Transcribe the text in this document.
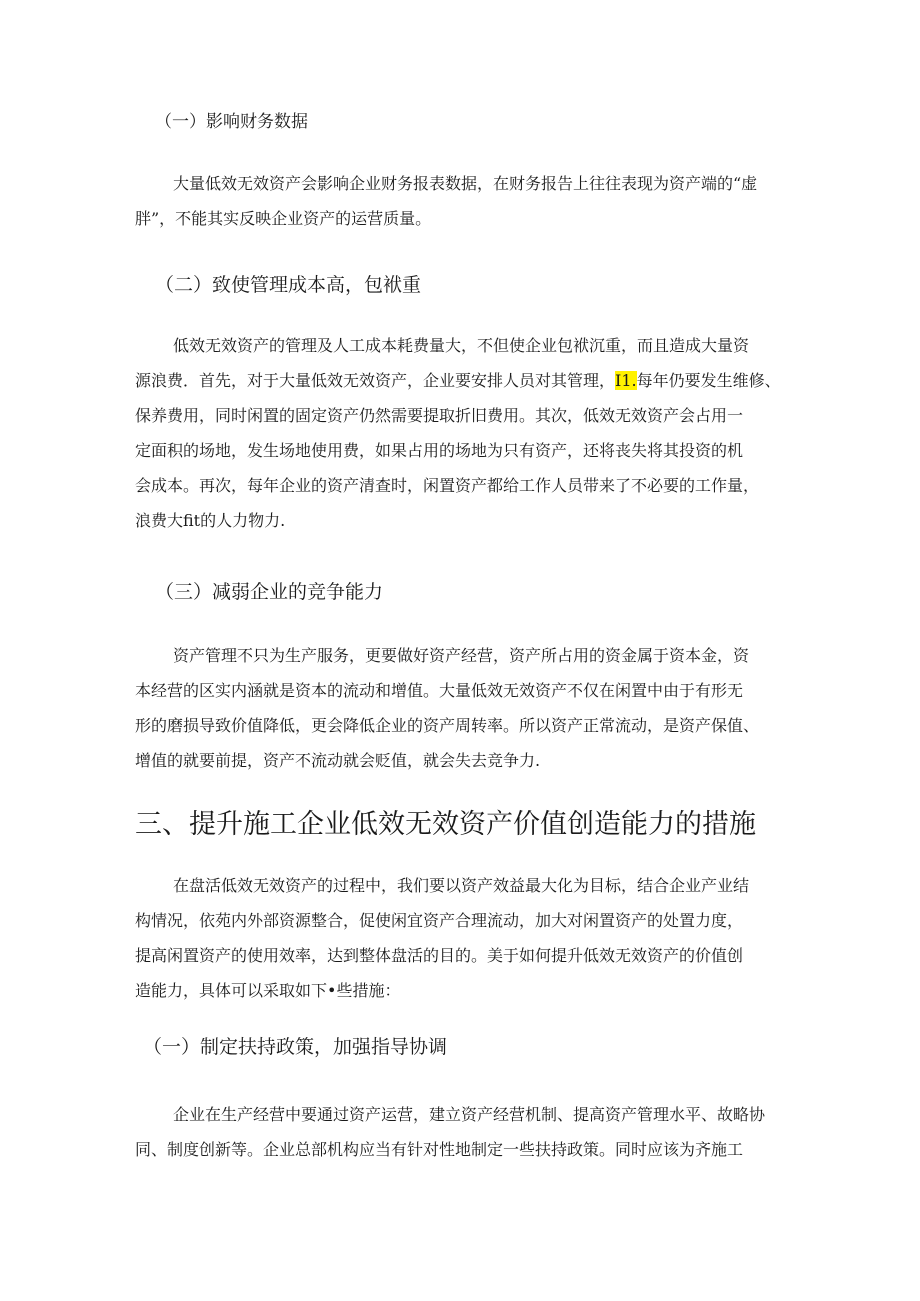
（一）影响财务数据
大量低效无效资产会影响企业财务报表数据，在财务报告上往往表现为资产端的“虚
胖”，不能其实反映企业资产的运营质量。
（二）致使管理成本高，包袱重
低效无效资产的管理及人工成本耗费量大，不但使企业包袱沉重，而且造成大量资
源浪费．首先，对于大量低效无效资产，企业要安排人员对其管理，I1.每年仍要发生维修、
保养费用，同时闲置的固定资产仍然需要提取折旧费用。其次，低效无效资产会占用一
定面积的场地，发生场地使用费，如果占用的场地为只有资产，还将丧失将其投资的机
会成本。再次，每年企业的资产清查时，闲置资产都给工作人员带来了不必要的工作量，
浪费大fit的人力物力.
（三）减弱企业的竞争能力
资产管理不只为生产服务，更要做好资产经营，资产所占用的资金属于资本金，资
本经营的区实内涵就是资本的流动和增值。大量低效无效资产不仅在闲置中由于有形无
形的磨损导致价值降低，更会降低企业的资产周转率。所以资产正常流动，是资产保值、
增值的就要前提，资产不流动就会贬值，就会失去竞争力.
三、提升施工企业低效无效资产价值创造能力的措施
在盘活低效无效资产的过程中，我们要以资产效益最大化为目标，结合企业产业结
构情况，依苑内外部资源整合，促使闲宜资产合理流动，加大对闲置资产的处置力度，
提高闲置资产的使用效率，达到整体盘活的目的。美于如何提升低效无效资产的价值创
造能力，具体可以采取如下•些措施：
（一）制定扶持政策，加强指导协调
企业在生产经营中要通过资产运营，建立资产经营机制、提高资产管理水平、故略协
同、制度创新等。企业总部机构应当有针对性地制定一些扶持政策。同时应该为齐施工
